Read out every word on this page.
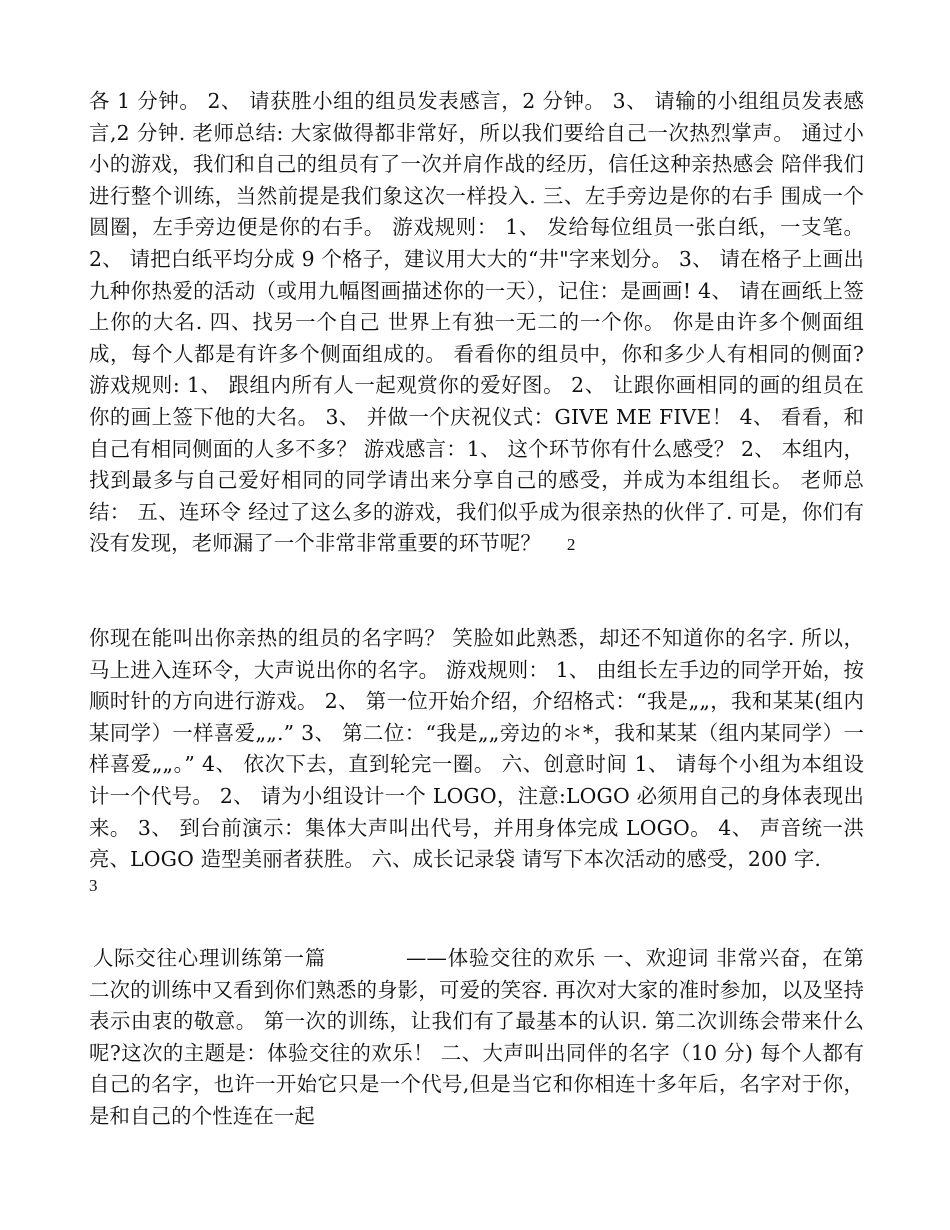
各 1 分钟。 2、 请获胜小组的组员发表感言，2 分钟。 3、 请输的小组组员发表感言,2 分钟. 老师总结: 大家做得都非常好，所以我们要给自己一次热烈掌声。 通过小小的游戏，我们和自己的组员有了一次并肩作战的经历，信任这种亲热感会 陪伴我们进行整个训练，当然前提是我们象这次一样投入. 三、左手旁边是你的右手 围成一个圆圈，左手旁边便是你的右手。 游戏规则： 1、 发给每位组员一张白纸，一支笔。 2、 请把白纸平均分成 9 个格子，建议用大大的“井"字来划分。 3、 请在格子上画出九种你热爱的活动（或用九幅图画描述你的一天），记住：是画画! 4、 请在画纸上签上你的大名. 四、找另一个自己 世界上有独一无二的一个你。 你是由许多个侧面组成，每个人都是有许多个侧面组成的。 看看你的组员中，你和多少人有相同的侧面? 游戏规则: 1、 跟组内所有人一起观赏你的爱好图。 2、 让跟你画相同的画的组员在你的画上签下他的大名。 3、 并做一个庆祝仪式：GIVE ME FIVE！ 4、 看看，和自己有相同侧面的人多不多？ 游戏感言：1、 这个环节你有什么感受？ 2、 本组内，找到最多与自己爱好相同的同学请出来分享自己的感受，并成为本组组长。 老师总结： 五、连环令 经过了这么多的游戏，我们似乎成为很亲热的伙伴了. 可是，你们有没有发现，老师漏了一个非常非常重要的环节呢？ 2

你现在能叫出你亲热的组员的名字吗？ 笑脸如此熟悉，却还不知道你的名字. 所以，马上进入连环令，大声说出你的名字。 游戏规则： 1、 由组长左手边的同学开始，按顺时针的方向进行游戏。 2、 第一位开始介绍，介绍格式：“我是„„，我和某某(组内某同学）一样喜爱„„.” 3、 第二位：“我是„„旁边的＊*，我和某某（组内某同学）一样喜爱„„。” 4、 依次下去，直到轮完一圈。 六、创意时间 1、 请每个小组为本组设计一个代号。 2、 请为小组设计一个 LOGO，注意:LOGO 必须用自己的身体表现出来。 3、 到台前演示：集体大声叫出代号，并用身体完成 LOGO。 4、 声音统一洪亮、LOGO 造型美丽者获胜。 六、成长记录袋 请写下本次活动的感受，200 字.
3

人际交往心理训练第一篇	——体验交往的欢乐 一、欢迎词 非常兴奋，在第二次的训练中又看到你们熟悉的身影，可爱的笑容. 再次对大家的准时参加，以及坚持表示由衷的敬意。 第一次的训练，让我们有了最基本的认识. 第二次训练会带来什么呢?这次的主题是：体验交往的欢乐！ 二、大声叫出同伴的名字（10 分) 每个人都有自己的名字，也许一开始它只是一个代号,但是当它和你相连十多年后，名字对于你，是和自己的个性连在一起
